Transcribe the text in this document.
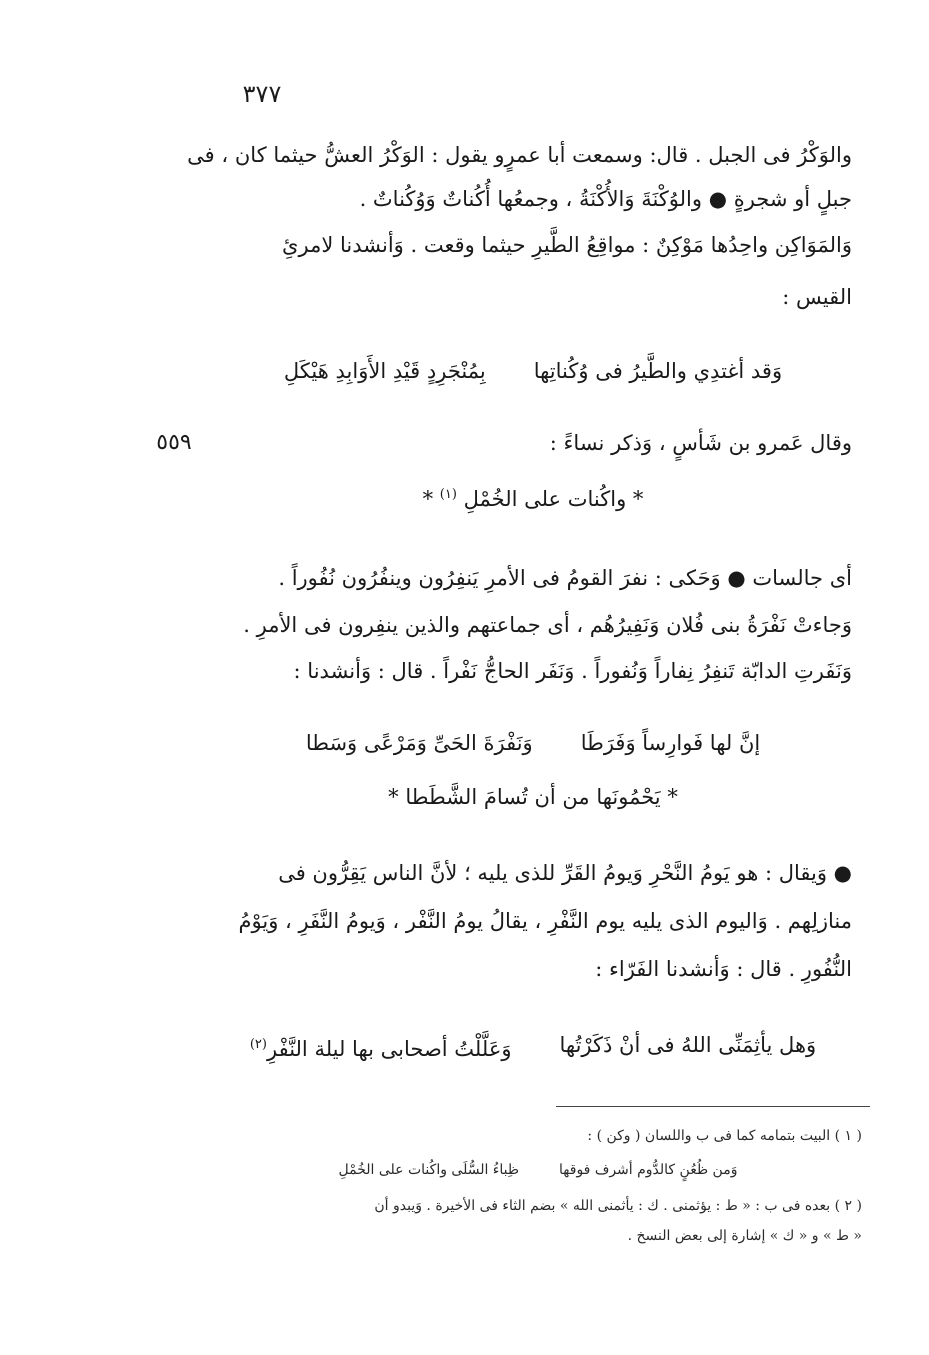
٣٧٧
٥٥٩
والوَكْرُ فى الجبل . قال: وسمعت أبا عمرٍو يقول : الوَكْرُ العشُّ حيثما كان ، فى
جبلٍ أو شجرةٍ ● والوُكْنَةَ وَالأُكْنَةُ ، وجمعُها أُكُناتٌ وَوُكُناتٌ .
وَالمَوَاكِن واحِدُها مَوْكِنٌ : مواقِعُ الطَّيرِ حيثما وقعت . وَأنشدنا لامرئِ
القيس :
وَقد أغتدِي والطَّيرُ فى وُكُناتِها
بِمُنْجَرِدٍ قَيْدِ الأَوَابِدِ هَيْكَلِ
وقال عَمرو بن شَأسٍ ، وَذكر نساءً :
* واكُنات على الخُمْلِ $^{(١)}$ *
أى جالسات ● وَحَكى : نفرَ القومُ فى الأمرِ يَنفِرُون وينفُرُون نُفُوراً .
وَجاءتْ نَفْرَةُ بنى فُلان وَنَفِيرُهُم ، أى جماعتهم والذين ينفِرون فى الأمرِ .
وَنَفَرتِ الدابّة تَنفِرُ نِفاراً وَنُفوراً . وَنَفَر الحاجُّ نَفْراً . قال : وَأنشدنا :
إنَّ لها فَوارِساً وَفَرَطَا
وَنَفْرَةَ الحَىِّ وَمَرْعًى وَسَطا
* يَحْمُونَها من أن تُسامَ الشَّطَطا *
● وَيقال : هو يَومُ النَّحْرِ وَيومُ القَرِّ للذى يليه ؛ لأنَّ الناس يَقِرُّون فى
منازلِهم . وَاليوم الذى يليه يوم النَّفْرِ ، يقالُ يومُ النَّفْر ، وَيومُ النَّفَرِ ، وَيَوْمُ
النُّفُورِ . قال : وَأنشدنا الفَرّاء :
وَهل يأثِمَنِّى اللهُ فى أنْ ذَكَرْتُها
وَعَلَّلْتُ أصحابى بها ليلة النَّفْرِ$^{(٢)}$
( ١ ) البيت بتمامه كما فى ب واللسان ( وكن ) :
وَمن ظُعُنٍ كالدُّوم أشرف فوقها
ظِباءُ السُّلَى واكُنات على الخُمْلِ
( ٢ ) بعده فى ب : « ط : يؤثمنى . ك : يأثمنى الله » بضم الثاء فى الأخيرة . وَيبدو أن
« ط » و « ك » إشارة إلى بعض النسخ .
